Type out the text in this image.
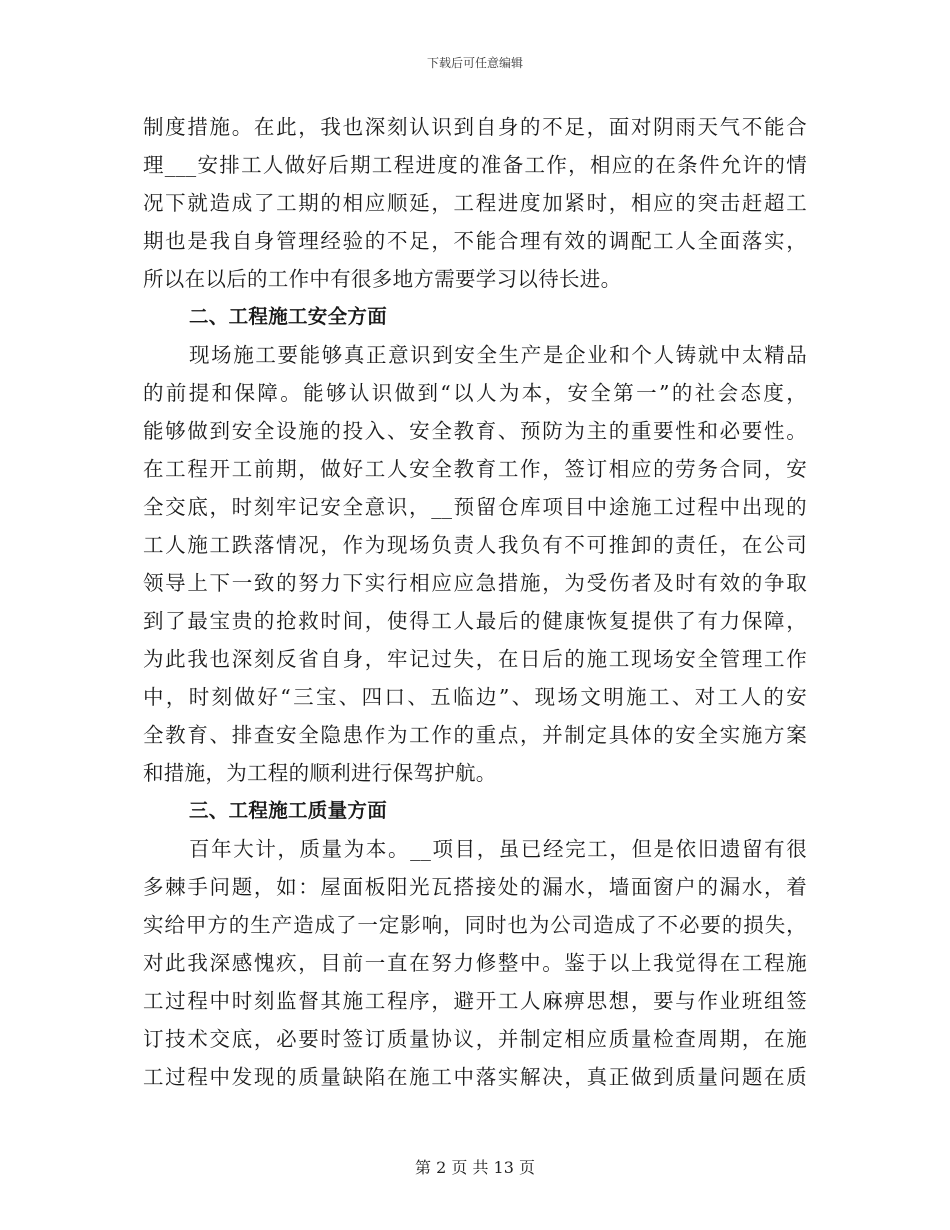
下载后可任意编辑
制度措施。在此，我也深刻认识到自身的不足，面对阴雨天气不能合
理___安排工人做好后期工程进度的准备工作，相应的在条件允许的情
况下就造成了工期的相应顺延，工程进度加紧时，相应的突击赶超工
期也是我自身管理经验的不足，不能合理有效的调配工人全面落实，
所以在以后的工作中有很多地方需要学习以待长进。
二、工程施工安全方面
现场施工要能够真正意识到安全生产是企业和个人铸就中太精品
的前提和保障。能够认识做到“以人为本，安全第一”的社会态度，
能够做到安全设施的投入、安全教育、预防为主的重要性和必要性。
在工程开工前期，做好工人安全教育工作，签订相应的劳务合同，安
全交底，时刻牢记安全意识，__预留仓库项目中途施工过程中出现的
工人施工跌落情况，作为现场负责人我负有不可推卸的责任，在公司
领导上下一致的努力下实行相应应急措施，为受伤者及时有效的争取
到了最宝贵的抢救时间，使得工人最后的健康恢复提供了有力保障，
为此我也深刻反省自身，牢记过失，在日后的施工现场安全管理工作
中，时刻做好“三宝、四口、五临边”、现场文明施工、对工人的安
全教育、排查安全隐患作为工作的重点，并制定具体的安全实施方案
和措施，为工程的顺利进行保驾护航。
三、工程施工质量方面
百年大计，质量为本。__项目，虽已经完工，但是依旧遗留有很
多棘手问题，如：屋面板阳光瓦搭接处的漏水，墙面窗户的漏水，着
实给甲方的生产造成了一定影响，同时也为公司造成了不必要的损失，
对此我深感愧疚，目前一直在努力修整中。鉴于以上我觉得在工程施
工过程中时刻监督其施工程序，避开工人麻痹思想，要与作业班组签
订技术交底，必要时签订质量协议，并制定相应质量检查周期，在施
工过程中发现的质量缺陷在施工中落实解决，真正做到质量问题在质
第 2 页 共 13 页
